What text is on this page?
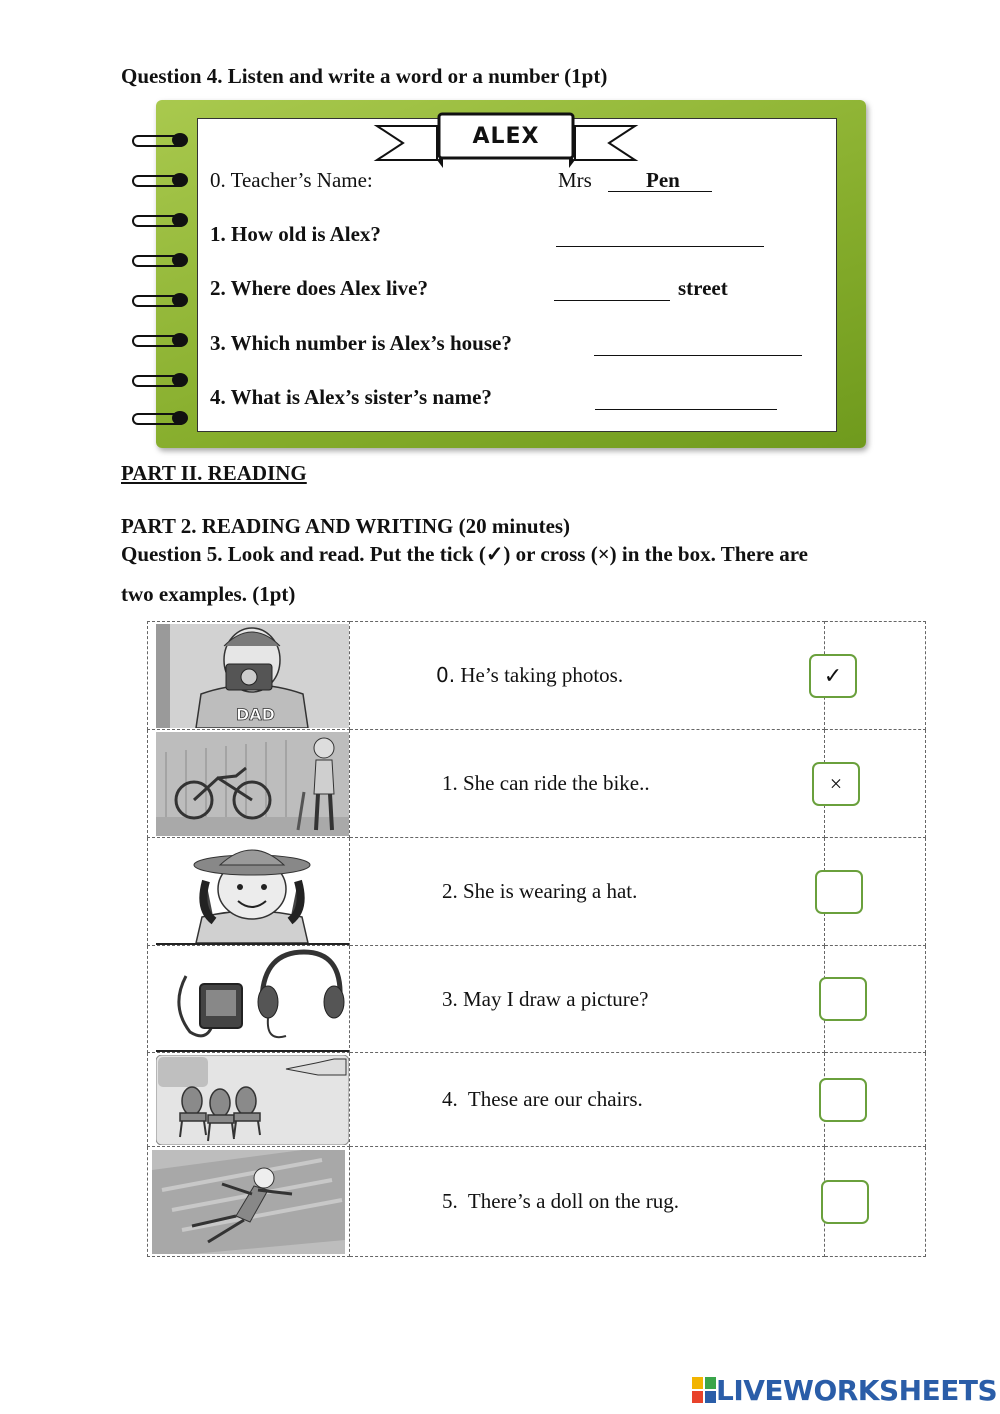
Question 4. Listen and write a word or a number (1pt)
ALEX
0. Teacher’s Name:	Mrs	Pen
1. How old is Alex?
2. Where does Alex live?	street
3. Which number is Alex’s house?
4. What is Alex’s sister’s name?
PART II. READING
PART 2. READING AND WRITING (20 minutes)
Question 5. Look and read. Put the tick (✓) or cross (×) in the box. There are
two examples. (1pt)
DAD	0. He’s taking photos.	✓

	1. She can ride the bike..	×

	2. She is wearing a hat.	

	3. May I draw a picture?	

	4. These are our chairs.	

	5. There’s a doll on the rug.	
LIVEWORKSHEETS
